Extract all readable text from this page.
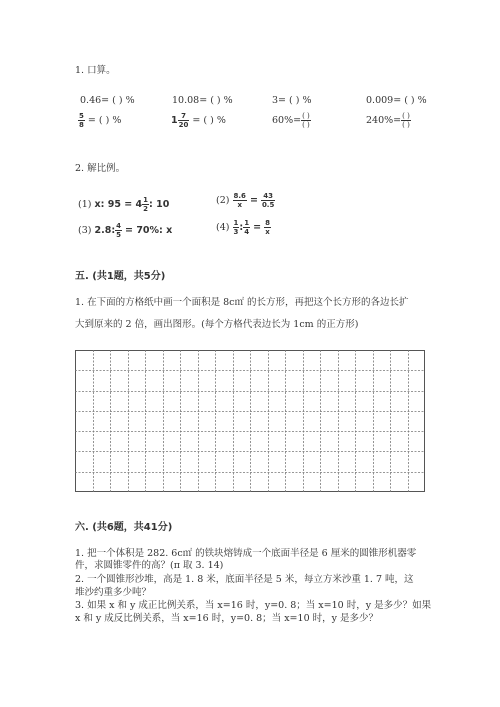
1. 口算。
0.46= ( ) %	10.08= ( ) %	3= ( ) %	0.009= ( ) %
$\frac{5}{8}$ = ( ) %	$1 \frac{7}{20}$ = ( ) %	$60\%= \frac{( )}{( )}$	$240\%= \frac{( )}{( )}$
2. 解比例。
(1) x: $95 = 4 \frac{1}{2}$ : 10	$(2) \frac{8.6}{x} = \frac{43}{0.5}$
(3) 2.8: $\frac{4}{5} = 70\%$: x	$(4) \frac{1}{3}$ : $\frac{1}{4} = \frac{8}{x}$
五. (共1题，共5分)
1. 在下面的方格纸中画一个面积是 8c㎡ 的长方形，再把这个长方形的各边长扩
大到原来的 2 倍，画出图形。(每个方格代表边长为 1cm 的正方形)
六. (共6题，共41分)
1. 把一个体积是 282. 6c㎡ 的铁块熔铸成一个底面半径是 6 厘米的圆锥形机器零
件，求圆锥零件的高？(π 取 3. 14)
2. 一个圆锥形沙堆，高是 1. 8 米，底面半径是 5 米，每立方米沙重 1. 7 吨，这
堆沙约重多少吨？
3. 如果 x 和 y 成正比例关系，当 x=16 时，y=0. 8；当 x=10 时，y 是多少？如果
x 和 y 成反比例关系，当 x=16 时，y=0. 8；当 x=10 时，y 是多少？
